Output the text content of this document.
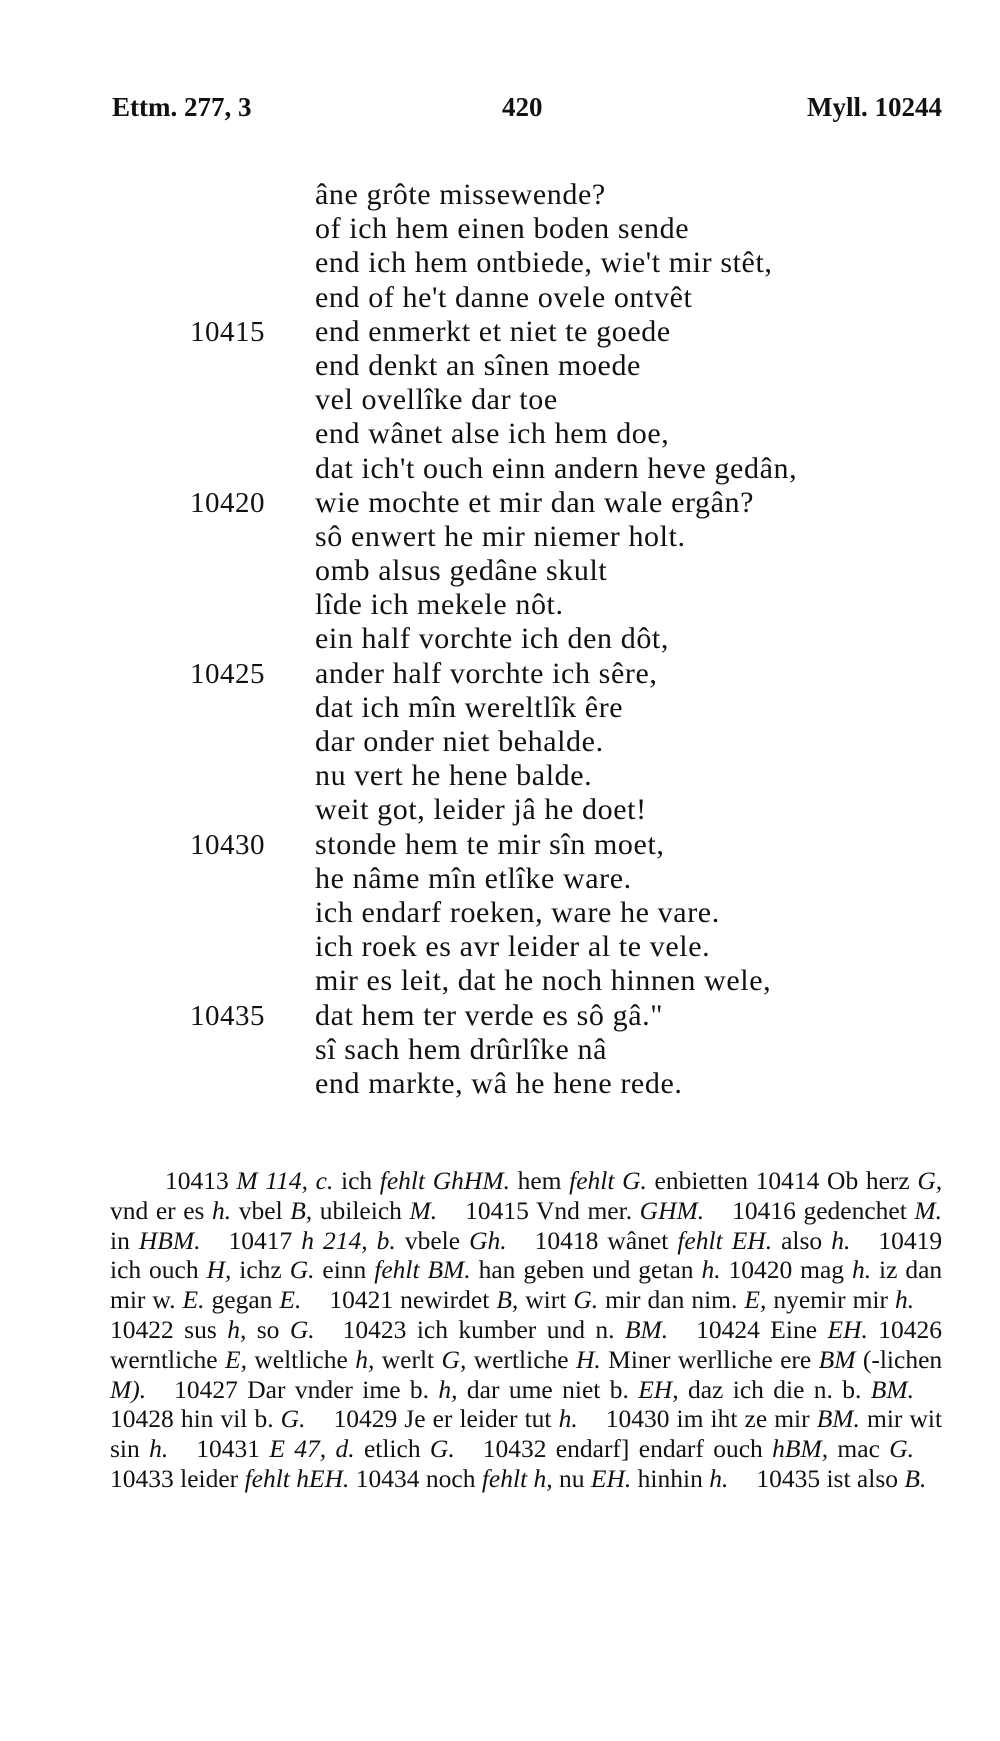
Ettm. 277, 3	420	Myll. 10244
âne grôte missewende?
of ich hem einen boden sende
end ich hem ontbiede, wie't mir stêt,
end of he't danne ovele ontvêt
10415	end enmerkt et niet te goede
end denkt an sînen moede
vel ovellîke dar toe
end wânet alse ich hem doe,
dat ich't ouch einn andern heve gedân,
10420	wie mochte et mir dan wale ergân?
sô enwert he mir niemer holt.
omb alsus gedâne skult
lîde ich mekele nôt.
ein half vorchte ich den dôt,
10425	ander half vorchte ich sêre,
dat ich mîn wereltlîk êre
dar onder niet behalde.
nu vert he hene balde.
weit got, leider jâ he doet!
10430	stonde hem te mir sîn moet,
he nâme mîn etlîke ware.
ich endarf roeken, ware he vare.
ich roek es avr leider al te vele.
mir es leit, dat he noch hinnen wele,
10435	dat hem ter verde es sô gâ."
sî sach hem drûrlîke nâ
end markte, wâ he hene rede.

10413 M 114, c. ich fehlt GhHM. hem fehlt G. enbietten 10414 Ob herz G, vnd er es h. vbel B, ubileich M. 10415 Vnd mer. GHM. 10416 gedenchet M. in HBM. 10417 h 214, b. vbele Gh. 10418 wânet fehlt EH. also h. 10419 ich ouch H, ichz G. einn fehlt BM. han geben und getan h. 10420 mag h. iz dan mir w. E. gegan E. 10421 newirdet B, wirt G. mir dan nim. E, nyemir mir h.10422 sus h, so G. 10423 ich kumber und n. BM. 10424 Eine EH. 10426 werntliche E, weltliche h, werlt G, wertliche H. Miner werlliche ere BM (-lichen M). 10427 Dar vnder ime b. h, dar ume niet b. EH, daz ich die n. b. BM.10428 hin vil b. G. 10429 Je er leider tut h. 10430 im iht ze mir BM. mir wit sin h. 10431 E 47, d. etlich G. 10432 endarf] endarf ouch hBM, mac G.10433 leider fehlt hEH. 10434 noch fehlt h, nu EH. hinhin h. 10435 ist also B.
